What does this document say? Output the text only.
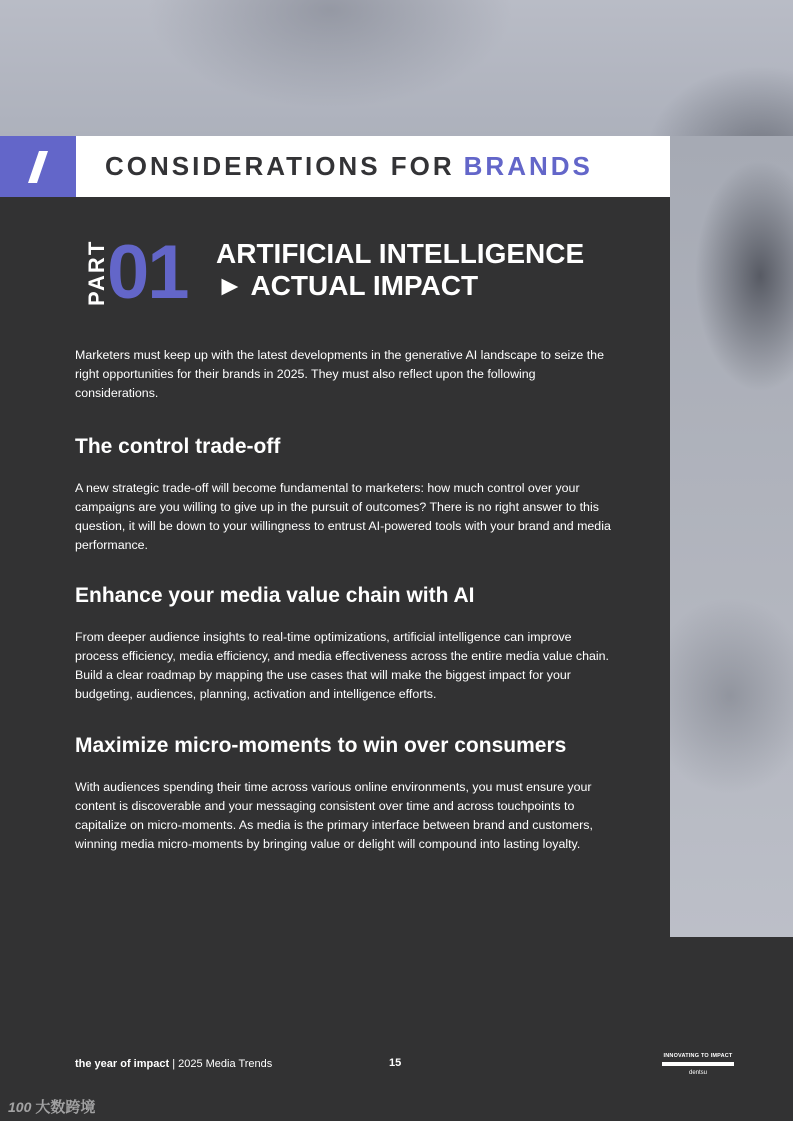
CONSIDERATIONS FOR BRANDS
PART
01 ARTIFICIAL INTELLIGENCE
► ACTUAL IMPACT

Marketers must keep up with the latest developments in the generative AI landscape to seize the right opportunities for their brands in 2025. They must also reflect upon the following considerations.

The control trade-off

A new strategic trade-off will become fundamental to marketers: how much control over your campaigns are you willing to give up in the pursuit of outcomes? There is no right answer to this question, it will be down to your willingness to entrust AI-powered tools with your brand and media performance.

Enhance your media value chain with AI

From deeper audience insights to real-time optimizations, artificial intelligence can improve process efficiency, media efficiency, and media effectiveness across the entire media value chain. Build a clear roadmap by mapping the use cases that will make the biggest impact for your budgeting, audiences, planning, activation and intelligence efforts.

Maximize micro-moments to win over consumers

With audiences spending their time across various online environments, you must ensure your content is discoverable and your messaging consistent over time and across touchpoints to capitalize on micro-moments. As media is the primary interface between brand and customers, winning media micro-moments by bringing value or delight will compound into lasting loyalty.

the year of impact | 2025 Media Trends	15
INNOVATING TO IMPACT
dentsu
100 大数跨境
